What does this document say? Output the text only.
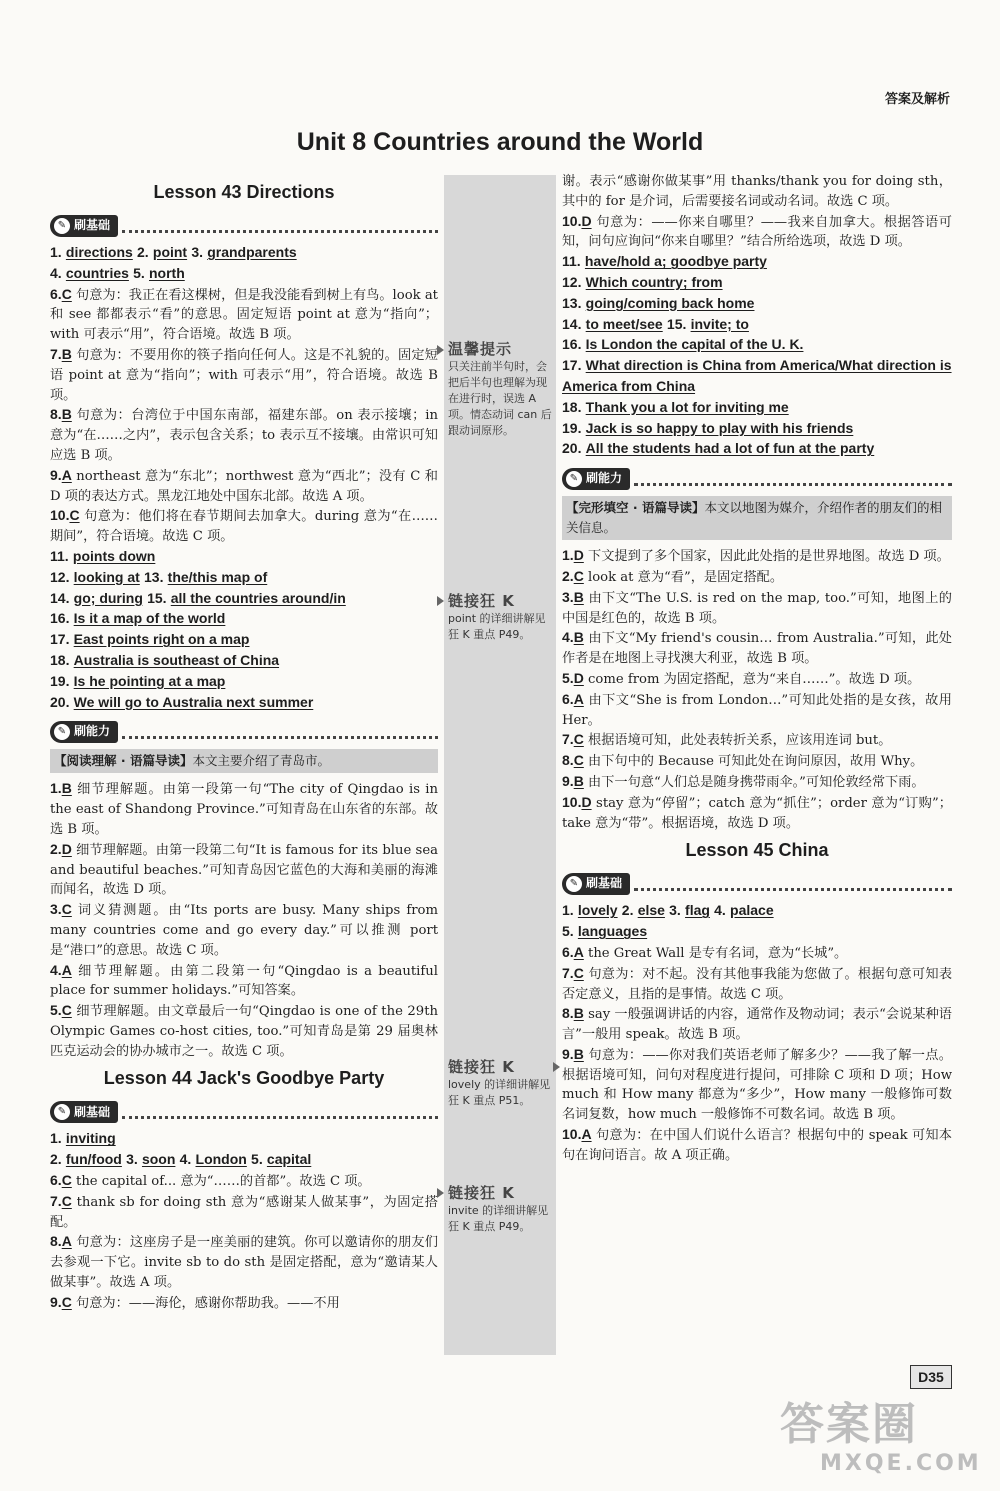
答案及解析
Unit 8 Countries around the World
Lesson 43 Directions
✎ 刷基础
1. directions 2. point 3. grandparents
4. countries 5. north
6.C 句意为：我正在看这棵树，但是我没能看到树上有鸟。look at 和 see 都都表示“看”的意思。固定短语 point at 意为“指向”；with 可表示“用”，符合语境。故选 B 项。
7.B 句意为：不要用你的筷子指向任何人。这是不礼貌的。固定短语 point at 意为“指向”；with 可表示“用”，符合语境。故选 B 项。
8.B 句意为：台湾位于中国东南部，福建东部。on 表示接壤；in 意为“在……之内”，表示包含关系；to 表示互不接壤。由常识可知应选 B 项。
9.A northeast 意为“东北”；northwest 意为“西北”；没有 C 和 D 项的表达方式。黑龙江地处中国东北部。故选 A 项。
10.C 句意为：他们将在春节期间去加拿大。during 意为“在……期间”，符合语境。故选 C 项。
11. points down
12. looking at 13. the/this map of
14. go; during 15. all the countries around/in
16. Is it a map of the world
17. East points right on a map
18. Australia is southeast of China
19. Is he pointing at a map
20. We will go to Australia next summer
✎ 刷能力
【阅读理解 · 语篇导读】本文主要介绍了青岛市。
1.B 细节理解题。由第一段第一句“The city of Qingdao is in the east of Shandong Province.”可知青岛在山东省的东部。故选 B 项。
2.D 细节理解题。由第一段第二句“It is famous for its blue sea and beautiful beaches.”可知青岛因它蓝色的大海和美丽的海滩而闻名，故选 D 项。
3.C 词义猜测题。由“Its ports are busy. Many ships from many countries come and go every day.”可以推测 port 是“港口”的意思。故选 C 项。
4.A 细节理解题。由第二段第一句“Qingdao is a beautiful place for summer holidays.”可知答案。
5.C 细节理解题。由文章最后一句“Qingdao is one of the 29th Olympic Games co-host cities, too.”可知青岛是第 29 届奥林匹克运动会的协办城市之一。故选 C 项。
Lesson 44 Jack's Goodbye Party
✎ 刷基础
1. inviting
2. fun/food 3. soon 4. London 5. capital
6.C the capital of... 意为“……的首都”。故选 C 项。
7.C thank sb for doing sth 意为“感谢某人做某事”，为固定搭配。
8.A 句意为：这座房子是一座美丽的建筑。你可以邀请你的朋友们去参观一下它。invite sb to do sth 是固定搭配，意为“邀请某人做某事”。故选 A 项。
9.C 句意为：——海伦，感谢你帮助我。——不用
温馨提示
只关注前半句时，会把后半句也理解为现在进行时，误选 A 项。情态动词 can 后跟动词原形。
链接狂 K
point 的详细讲解见狂 K 重点 P49。
链接狂 K
lovely 的详细讲解见狂 K 重点 P51。
链接狂 K
invite 的详细讲解见狂 K 重点 P49。
谢。表示“感谢你做某事”用 thanks/thank you for doing sth，其中的 for 是介词，后需要接名词或动名词。故选 C 项。
10.D 句意为：——你来自哪里？——我来自加拿大。根据答语可知，问句应询问“你来自哪里？”结合所给选项，故选 D 项。
11. have/hold a; goodbye party
12. Which country; from
13. going/coming back home
14. to meet/see 15. invite; to
16. Is London the capital of the U. K.
17. What direction is China from America/What direction is America from China
18. Thank you a lot for inviting me
19. Jack is so happy to play with his friends
20. All the students had a lot of fun at the party
✎ 刷能力
【完形填空 · 语篇导读】本文以地图为媒介，介绍作者的朋友们的相关信息。
1.D 下文提到了多个国家，因此此处指的是世界地图。故选 D 项。
2.C look at 意为“看”，是固定搭配。
3.B 由下文“The U.S. is red on the map, too.”可知，地图上的中国是红色的，故选 B 项。
4.B 由下文“My friend's cousin… from Australia.”可知，此处作者是在地图上寻找澳大利亚，故选 B 项。
5.D come from 为固定搭配，意为“来自……”。故选 D 项。
6.A 由下文“She is from London…”可知此处指的是女孩，故用 Her。
7.C 根据语境可知，此处表转折关系，应该用连词 but。
8.C 由下句中的 Because 可知此处在询问原因，故用 Why。
9.B 由下一句意“人们总是随身携带雨伞。”可知伦敦经常下雨。
10.D stay 意为“停留”；catch 意为“抓住”；order 意为“订购”；take 意为“带”。根据语境，故选 D 项。
Lesson 45 China
✎ 刷基础
1. lovely 2. else 3. flag 4. palace
5. languages
6.A the Great Wall 是专有名词，意为“长城”。
7.C 句意为：对不起。没有其他事我能为您做了。根据句意可知表否定意义，且指的是事情。故选 C 项。
8.B say 一般强调讲话的内容，通常作及物动词；表示“会说某种语言”一般用 speak。故选 B 项。
9.B 句意为：——你对我们英语老师了解多少？——我了解一点。根据语境可知，问句对程度进行提问，可排除 C 项和 D 项；How much 和 How many 都意为“多少”，How many 一般修饰可数名词复数，how much 一般修饰不可数名词。故选 B 项。
10.A 句意为：在中国人们说什么语言？根据句中的 speak 可知本句在询问语言。故 A 项正确。
D35
答案圈
MXQE.COM
